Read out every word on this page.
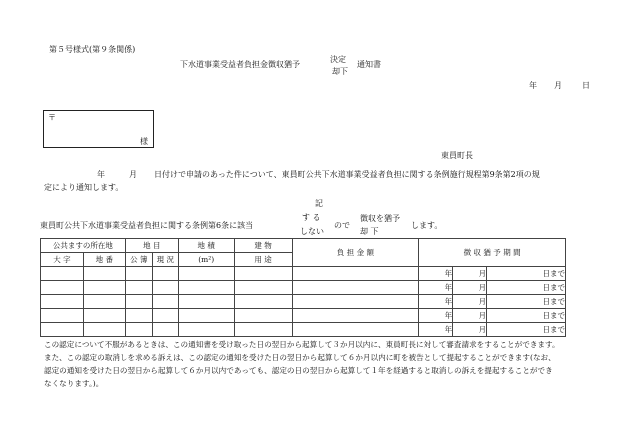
第５号様式(第９条関係)
下水道事業受益者負担金徴収猶予
決定
却下
通知書
年 月	日
〒
様
東員町長
年	月 日付けで申請のあった件について、東員町公共下水道事業受益者負担に関する条例施行規程第9条第2項の規
定により通知します。
記
東員町公共下水道事業受益者負担に関する条例第6条に該当
す る
しない
ので
徴収を猶予
却 下
します。
公共ますの所在地		地 目		地 積	建 物	負 担 金 額	徴 収 猶 予 期 間		
大 字	地 番	公 簿	現 況	(m²)	用 途				
							年	月	日まで
							年	月	日まで
							年	月	日まで
							年	月	日まで
							年	月	日まで
この認定について不服があるときは、この通知書を受け取った日の翌日から起算して３か月以内に、東員町長に対して審査請求をすることができます。
また、この認定の取消しを求める訴えは、この認定の通知を受けた日の翌日から起算して６か月以内に町を被告として提起することができます(なお、
認定の通知を受けた日の翌日から起算して６か月以内であっても、認定の日の翌日から起算して１年を経過すると取消しの訴えを提起することができ
なくなります。)。
